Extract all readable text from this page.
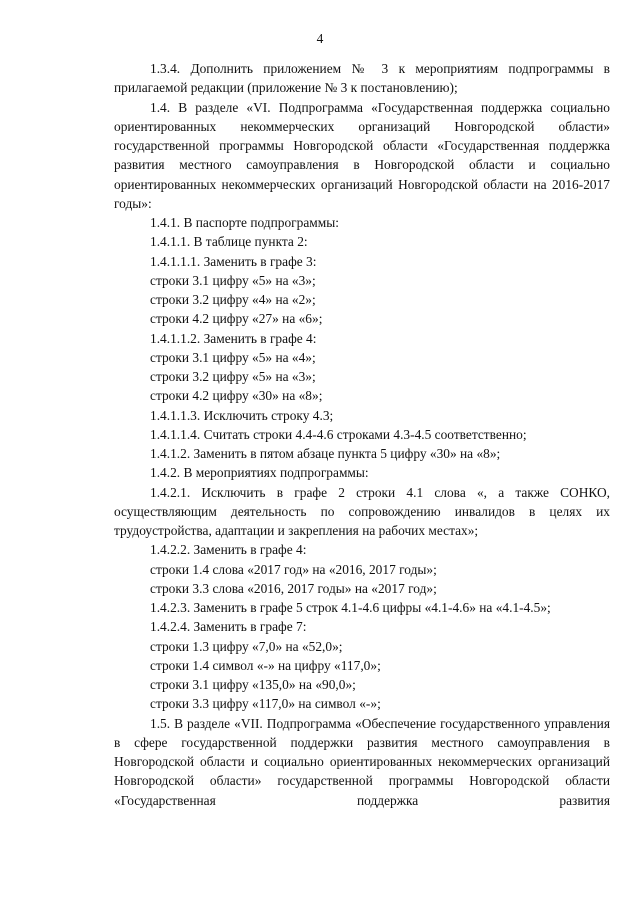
4

1.3.4. Дополнить приложением № 3 к мероприятиям подпрограммы в прилагаемой редакции (приложение № 3 к постановлению);

1.4. В разделе «VI. Подпрограмма «Государственная поддержка социально ориентированных некоммерческих организаций Новгородской области» государственной программы Новгородской области «Государственная поддержка развития местного самоуправления в Новгородской области и социально ориентированных некоммерческих организаций Новгородской области на 2016-2017 годы»:

1.4.1. В паспорте подпрограммы:

1.4.1.1. В таблице пункта 2:

1.4.1.1.1. Заменить в графе 3:

строки 3.1 цифру «5» на «3»;

строки 3.2 цифру «4» на «2»;

строки 4.2 цифру «27» на «6»;

1.4.1.1.2. Заменить в графе 4:

строки 3.1 цифру «5» на «4»;

строки 3.2 цифру «5» на «3»;

строки 4.2 цифру «30» на «8»;

1.4.1.1.3. Исключить строку 4.3;

1.4.1.1.4. Считать строки 4.4-4.6 строками 4.3-4.5 соответственно;

1.4.1.2. Заменить в пятом абзаце пункта 5 цифру «30» на «8»;

1.4.2. В мероприятиях подпрограммы:

1.4.2.1. Исключить в графе 2 строки 4.1 слова «, а также СОНКО, осуществляющим деятельность по сопровождению инвалидов в целях их трудоустройства, адаптации и закрепления на рабочих местах»;

1.4.2.2. Заменить в графе 4:

строки 1.4 слова «2017 год» на «2016, 2017 годы»;

строки 3.3 слова «2016, 2017 годы» на «2017 год»;

1.4.2.3. Заменить в графе 5 строк 4.1-4.6 цифры «4.1-4.6» на «4.1-4.5»;

1.4.2.4. Заменить в графе 7:

строки 1.3 цифру «7,0» на «52,0»;

строки 1.4 символ «-» на цифру «117,0»;

строки 3.1 цифру «135,0» на «90,0»;

строки 3.3 цифру «117,0» на символ «-»;

1.5. В разделе «VII. Подпрограмма «Обеспечение государственного управления в сфере государственной поддержки развития местного самоуправления в Новгородской области и социально ориентированных некоммерческих организаций Новгородской области» государственной программы Новгородской области «Государственная поддержка развития
